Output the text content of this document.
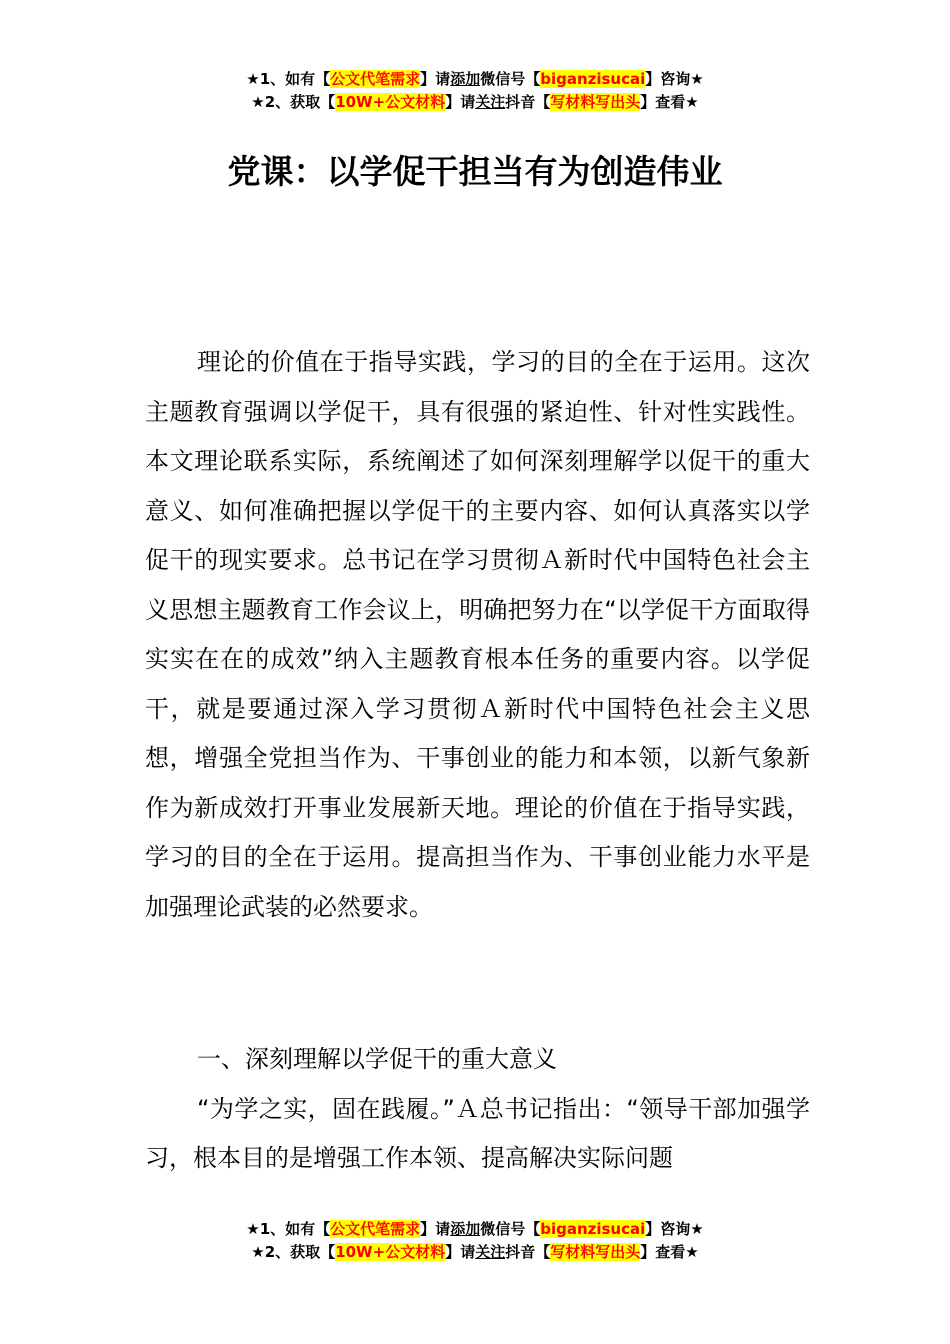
★1、如有【公文代笔需求】请添加微信号【biganzisucai】咨询★
★2、获取【10W+公文材料】请关注抖音【写材料写出头】查看★
党课：以学促干担当有为创造伟业

理论的价值在于指导实践，学习的目的全在于运用。这次主题教育强调以学促干，具有很强的紧迫性、针对性实践性。本文理论联系实际，系统阐述了如何深刻理解学以促干的重大意义、如何准确把握以学促干的主要内容、如何认真落实以学促干的现实要求。总书记在学习贯彻Ａ新时代中国特色社会主义思想主题教育工作会议上，明确把努力在“以学促干方面取得实实在在的成效”纳入主题教育根本任务的重要内容。以学促干，就是要通过深入学习贯彻Ａ新时代中国特色社会主义思想，增强全党担当作为、干事创业的能力和本领，以新气象新作为新成效打开事业发展新天地。理论的价值在于指导实践，学习的目的全在于运用。提高担当作为、干事创业能力水平是加强理论武装的必然要求。

一、深刻理解以学促干的重大意义

“为学之实，固在践履。”Ａ总书记指出：“领导干部加强学习，根本目的是增强工作本领、提高解决实际问题

★1、如有【公文代笔需求】请添加微信号【biganzisucai】咨询★
★2、获取【10W+公文材料】请关注抖音【写材料写出头】查看★
